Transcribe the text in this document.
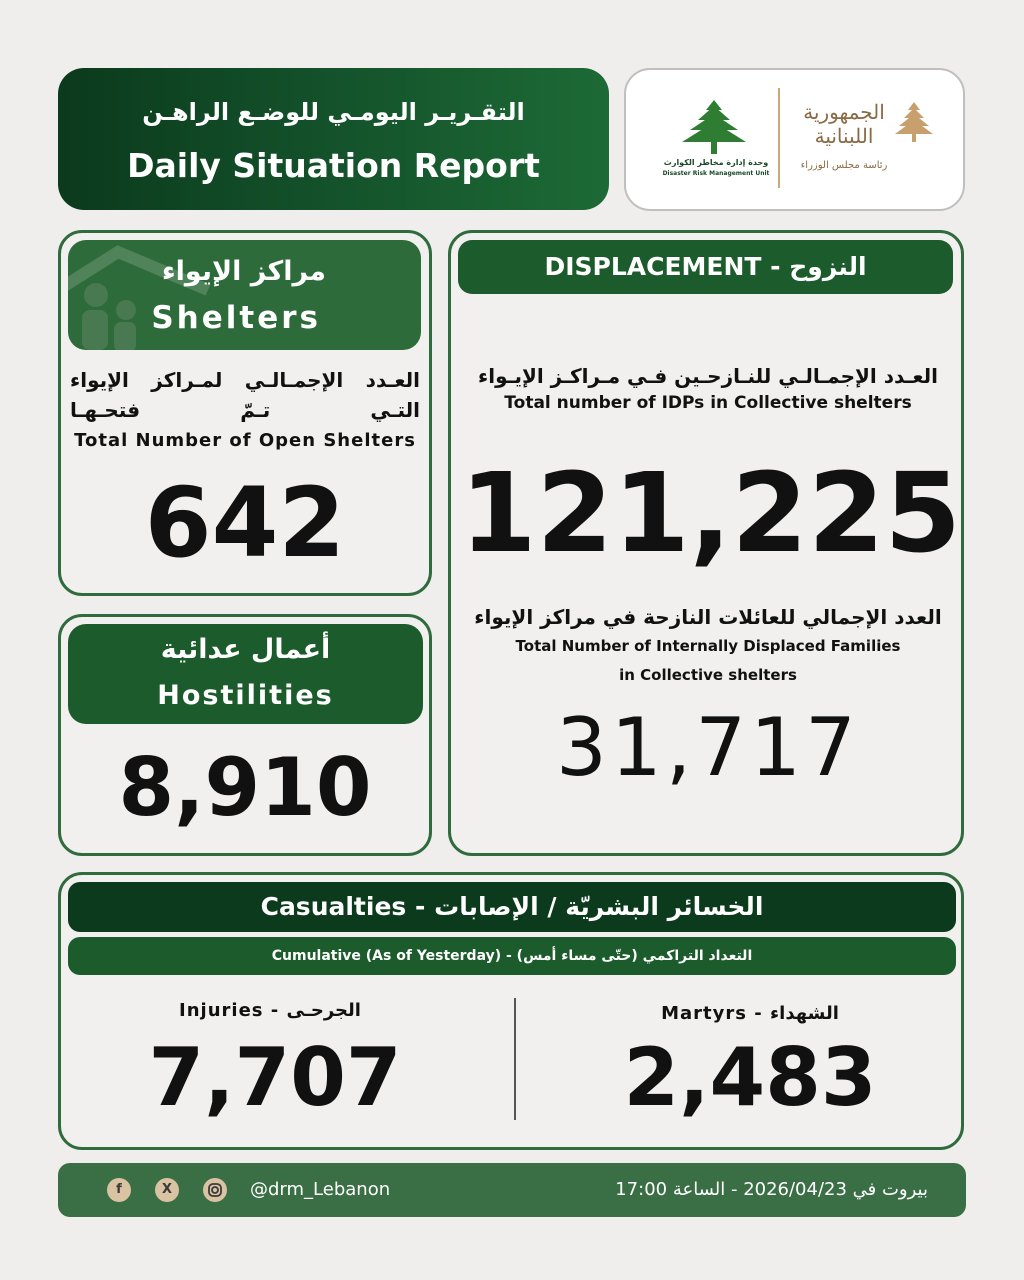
التقـريـر اليومـي للوضـع الراهـن
Daily Situation Report	وحدة إدارة مخاطر الكوارث
Disaster Risk Management Unit
الجمهورية اللبنانية
رئاسة مجلس الوزراء
مراكز الإيواء
Shelters
العـدد الإجمـالـي لمـراكز الإيواء
التـي تـمّ فتحـهـا
Total Number of Open Shelters
642
أعمال عدائية
Hostilities
8,910
DISPLACEMENT - النزوح
العـدد الإجمـالـي للنـازحـين فـي مـراكـز الإيـواء
Total number of IDPs in Collective shelters
121,225
العدد الإجمالي للعائلات النازحة في مراكز الإيواء
Total Number of Internally Displaced Families
in Collective shelters
31,717
Casualties - الخسائر البشريّة / الإصابات
Cumulative (As of Yesterday) - (التعداد التراكمي (حتّى مساء أمس
Injuries - الجرحـى
7,707
Martyrs - الشهداء
2,483
f	X	@drm_Lebanon	بيروت في 2026/04/23 - الساعة 17:00
